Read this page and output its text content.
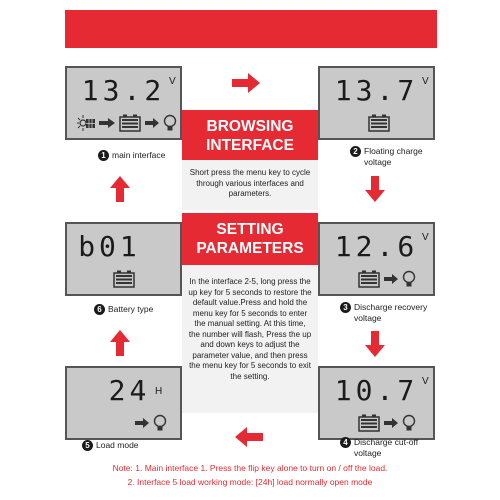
13.2 V	13.7 V
12.6 V
10.7 V
24 H
b01
1 main interface	2 Floating charge voltage
3 Discharge recovery voltage
4 Discharge cut-off voltage
5 Load mode
6 Battery type
BROWSING INTERFACE
Short press the menu key to cycle through various interfaces and parameters.
SETTING PARAMETERS
In the interface 2-5, long press the up key for 5 seconds to restore the default value.Press and hold the menu key for 5 seconds to enter the manual setting. At this time, the number will flash, Press the up and down keys to adjust the parameter value, and then press the menu key for 5 seconds to exit the setting.
Note: 1. Main interface 1. Press the flip key alone to turn on / off the load.
2. Interface 5 load working mode: [24h] load normally open mode
